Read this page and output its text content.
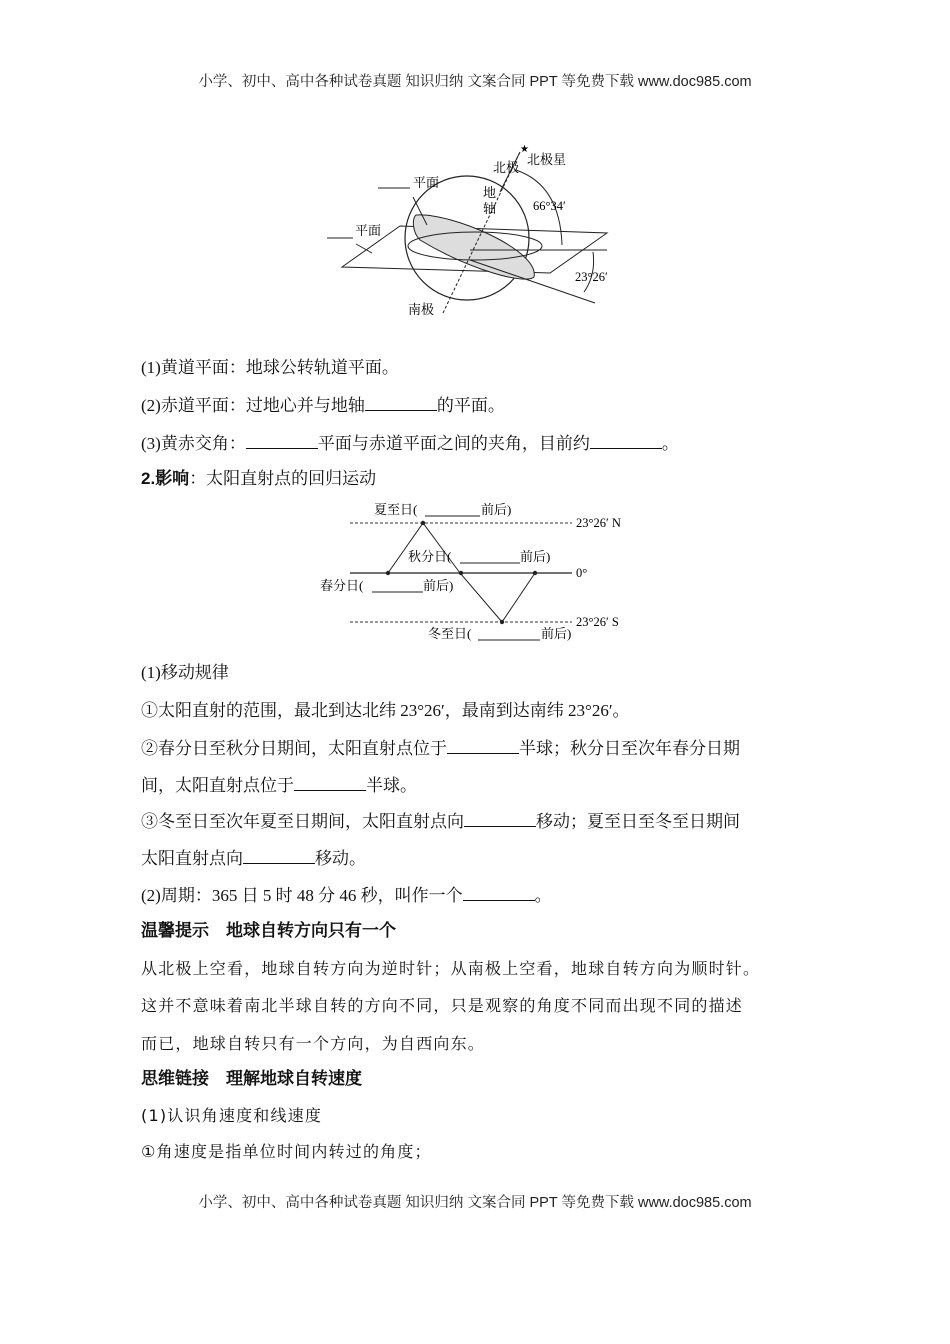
小学、初中、高中各种试卷真题 知识归纳 文案合同 PPT 等免费下载 www.doc985.com
★
北极
北极星
地
轴
平面
平面
66°34′
23°26′
南极
(1)黄道平面：地球公转轨道平面。
(2)赤道平面：过地心并与地轴	的平面。
(3)黄赤交角：	平面与赤道平面之间的夹角，目前约	。
2.影响：太阳直射点的回归运动
夏至日(	前后)
秋分日(	前后)
春分日(	前后)
冬至日(	前后)
23°26′ N
0°
23°26′ S
(1)移动规律
①太阳直射的范围，最北到达北纬 23°26′，最南到达南纬 23°26′。
②春分日至秋分日期间，太阳直射点位于	半球；秋分日至次年春分日期
间，太阳直射点位于	半球。
③冬至日至次年夏至日期间，太阳直射点向	移动；夏至日至冬至日期间
太阳直射点向	移动。
(2)周期：365 日 5 时 48 分 46 秒，叫作一个	。
温馨提示　地球自转方向只有一个
从北极上空看，地球自转方向为逆时针；从南极上空看，地球自转方向为顺时针。
这并不意味着南北半球自转的方向不同，只是观察的角度不同而出现不同的描述
而已，地球自转只有一个方向，为自西向东。
思维链接　理解地球自转速度
(1)认识角速度和线速度
①角速度是指单位时间内转过的角度；
小学、初中、高中各种试卷真题 知识归纳 文案合同 PPT 等免费下载 www.doc985.com
